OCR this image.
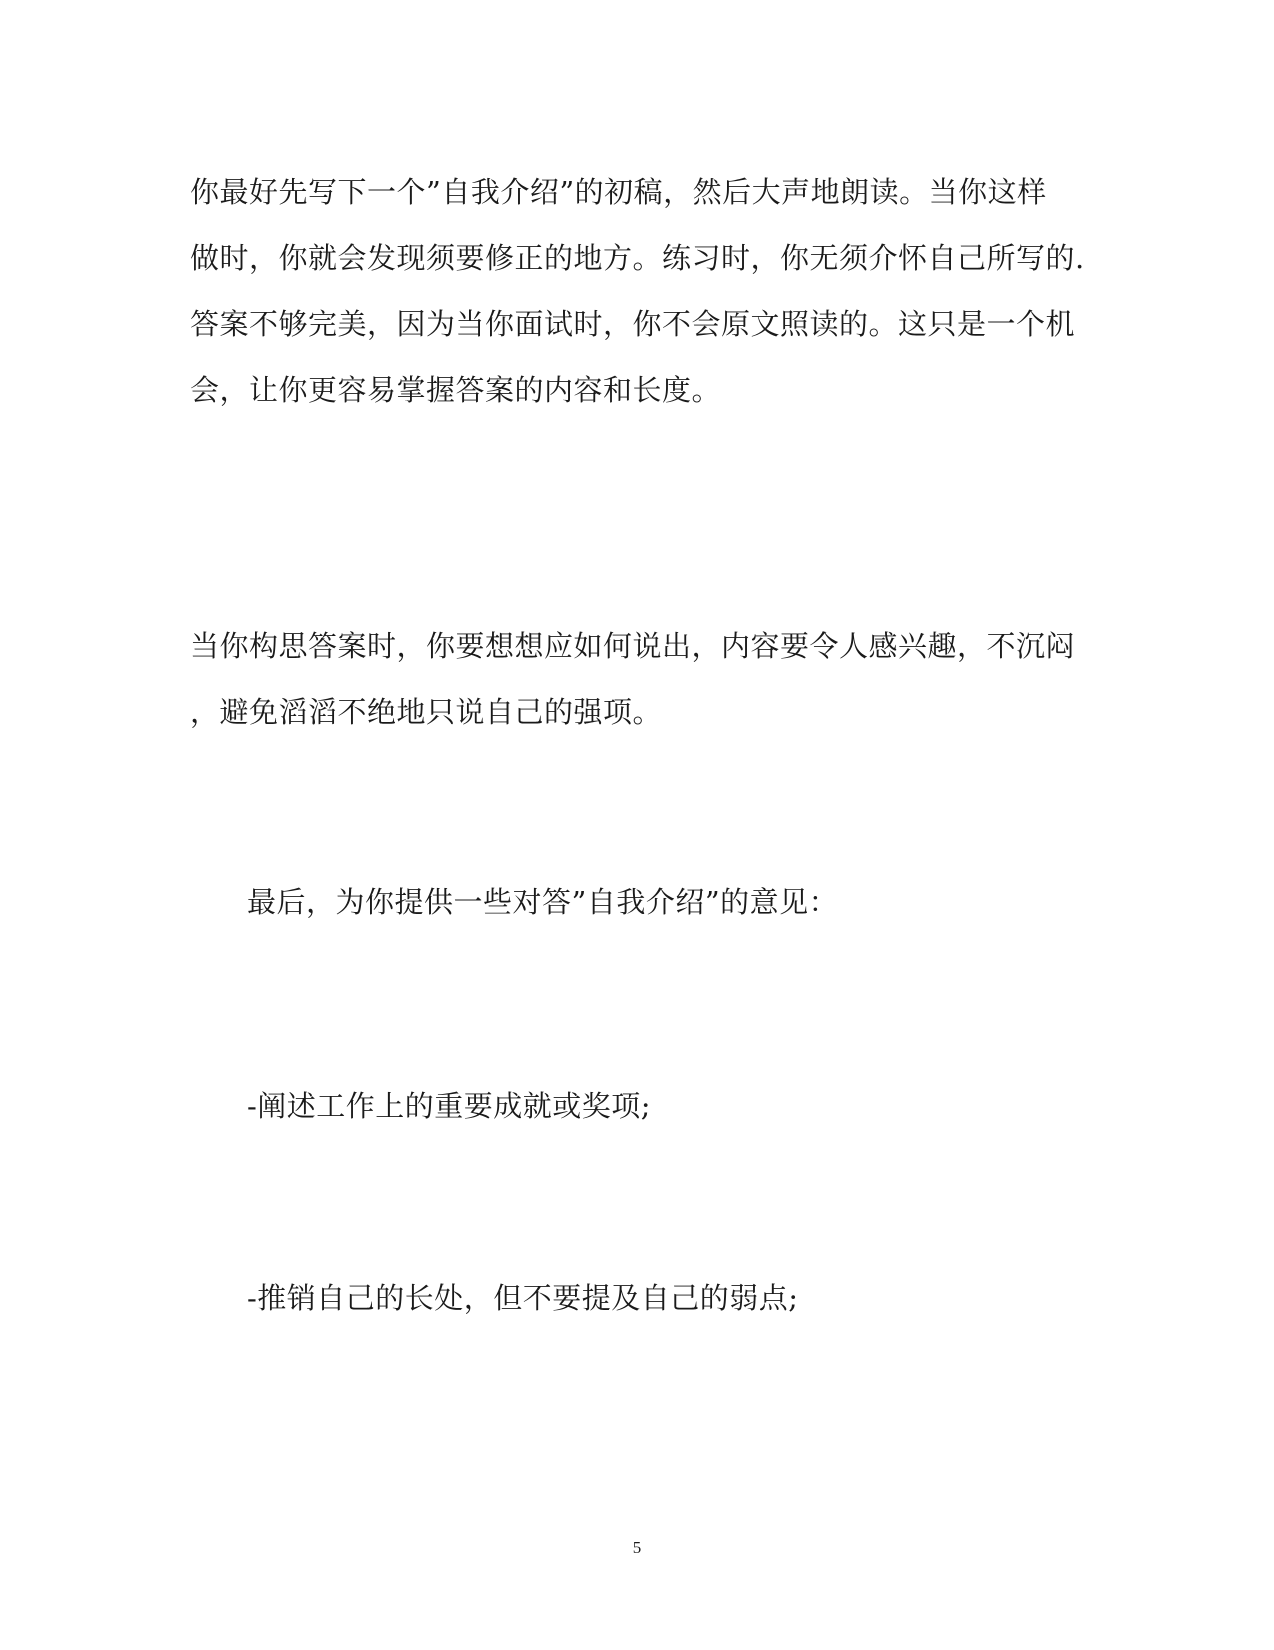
你最好先写下一个”自我介绍”的初稿，然后大声地朗读。当你这样
做时，你就会发现须要修正的地方。练习时，你无须介怀自己所写的.
答案不够完美，因为当你面试时，你不会原文照读的。这只是一个机
会，让你更容易掌握答案的内容和长度。
当你构思答案时，你要想想应如何说出，内容要令人感兴趣，不沉闷
，避免滔滔不绝地只说自己的强项。
最后，为你提供一些对答”自我介绍”的意见：
-阐述工作上的重要成就或奖项;
-推销自己的长处，但不要提及自己的弱点;
5
